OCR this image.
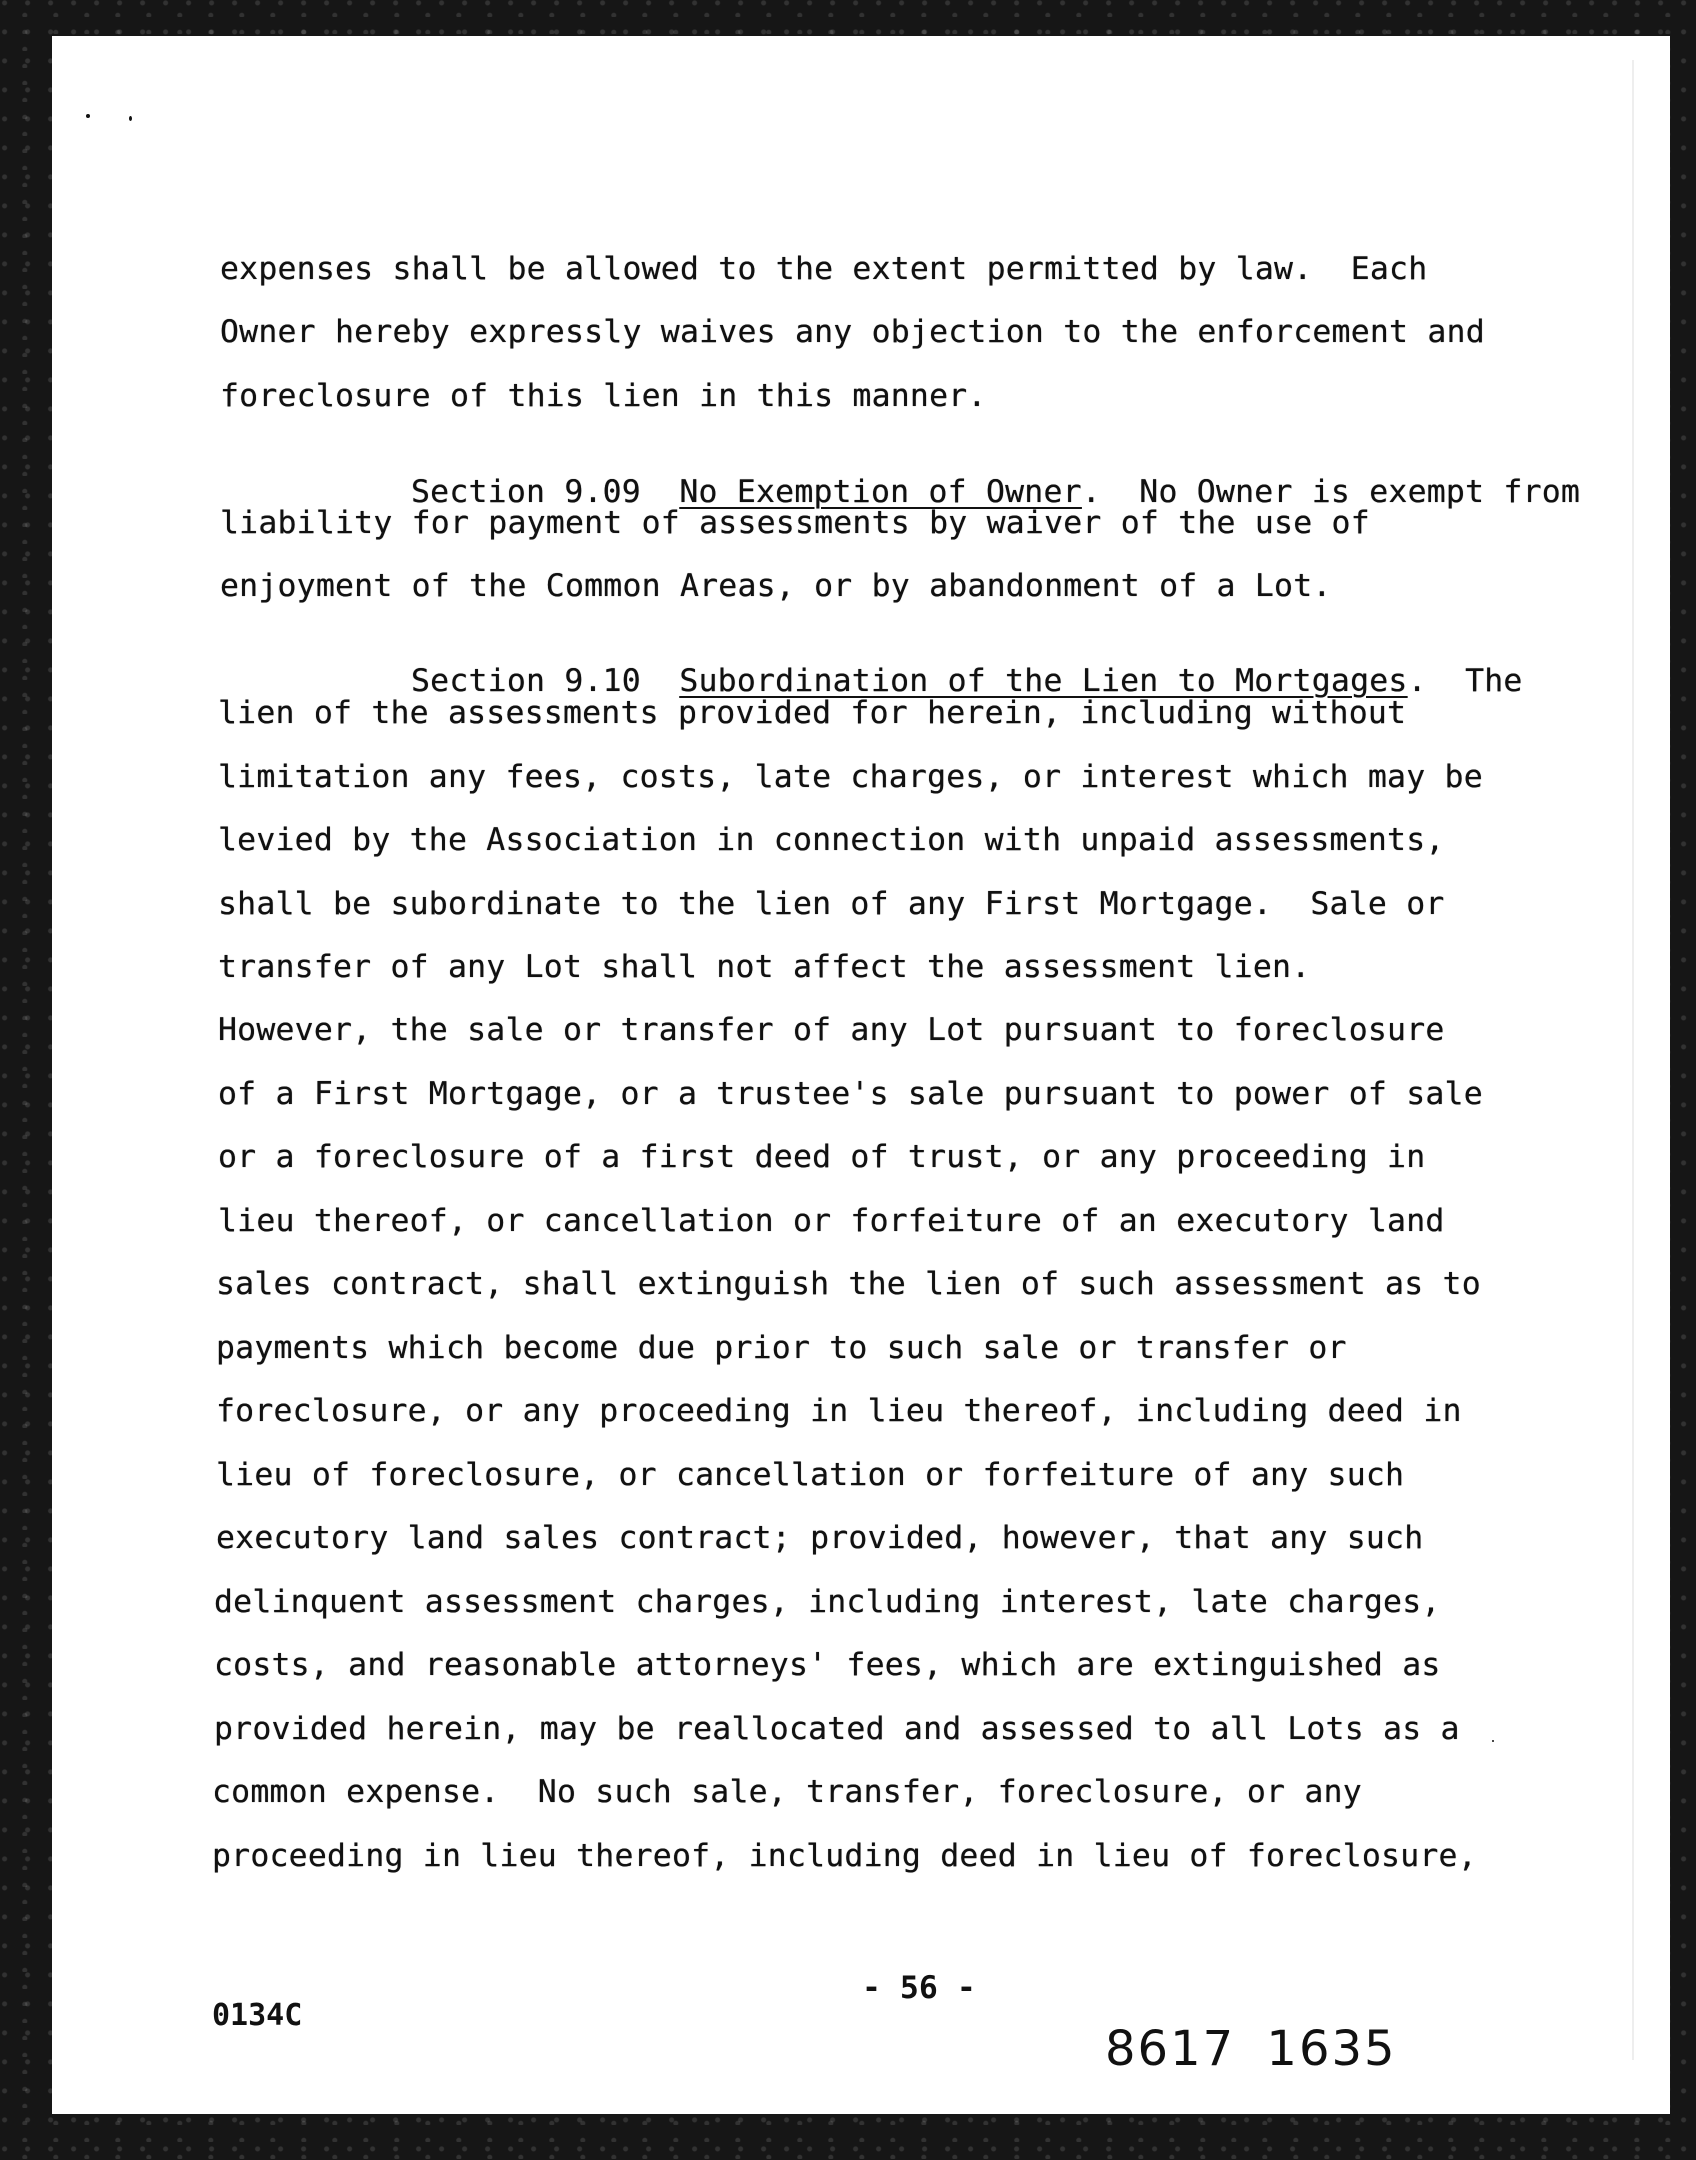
expenses shall be allowed to the extent permitted by law.  Each
Owner hereby expressly waives any objection to the enforcement and
foreclosure of this lien in this manner.

Section 9.09 No Exemption of Owner.  No Owner is exempt from

liability for payment of assessments by waiver of the use of
enjoyment of the Common Areas, or by abandonment of a Lot.

Section 9.10 Subordination of the Lien to Mortgages.  The

lien of the assessments provided for herein, including without
limitation any fees, costs, late charges, or interest which may be
levied by the Association in connection with unpaid assessments,
shall be subordinate to the lien of any First Mortgage.  Sale or
transfer of any Lot shall not affect the assessment lien.
However, the sale or transfer of any Lot pursuant to foreclosure
of a First Mortgage, or a trustee's sale pursuant to power of sale
or a foreclosure of a first deed of trust, or any proceeding in
lieu thereof, or cancellation or forfeiture of an executory land
sales contract, shall extinguish the lien of such assessment as to
payments which become due prior to such sale or transfer or
foreclosure, or any proceeding in lieu thereof, including deed in
lieu of foreclosure, or cancellation or forfeiture of any such
executory land sales contract; provided, however, that any such
delinquent assessment charges, including interest, late charges,
costs, and reasonable attorneys' fees, which are extinguished as
provided herein, may be reallocated and assessed to all Lots as a
common expense.  No such sale, transfer, foreclosure, or any
proceeding in lieu thereof, including deed in lieu of foreclosure,
- 56 -
0134C
8617 1635
